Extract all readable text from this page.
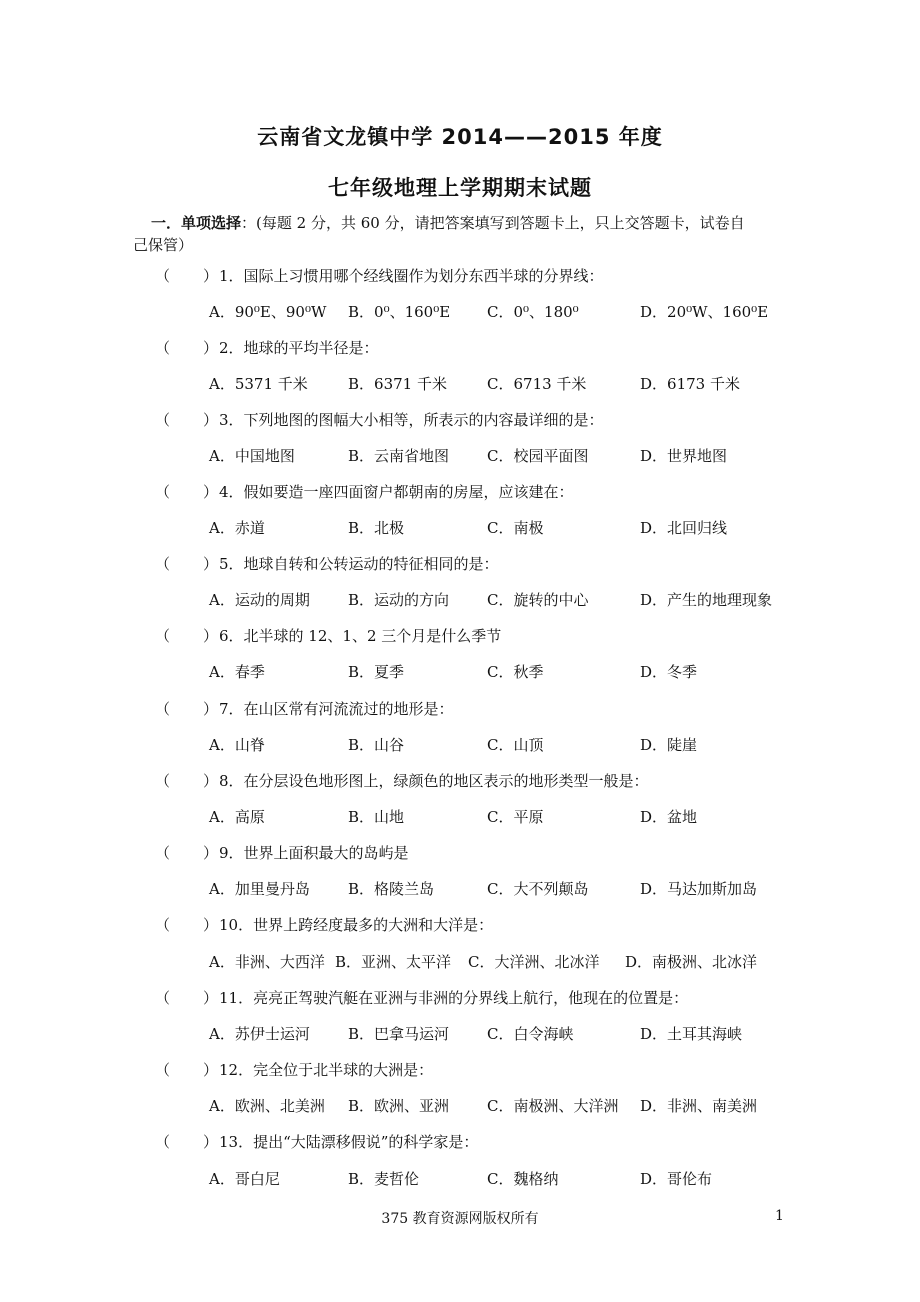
云南省文龙镇中学 2014——2015 年度
七年级地理上学期期末试题
一．单项选择：(每题 2 分，共 60 分，请把答案填写到答题卡上，只上交答题卡，试卷自
己保管）
（ ） 1．国际上习惯用哪个经线圈作为划分东西半球的分界线：
A．90⁰E、90⁰W B．0⁰、160⁰E C．0⁰、180⁰	D．20⁰W、160⁰E
（ ） 2．地球的平均半径是：
A．5371 千米	B．6371 千米	C．6713 千米	D．6173 千米
（ ） 3．下列地图的图幅大小相等，所表示的内容最详细的是：
A．中国地图	B．云南省地图	C．校园平面图	D．世界地图
（ ） 4．假如要造一座四面窗户都朝南的房屋，应该建在：
A．赤道	B．北极	C．南极	D．北回归线
（ ） 5．地球自转和公转运动的特征相同的是：
A．运动的周期	B．运动的方向	C．旋转的中心	D．产生的地理现象
（ ） 6．北半球的 12、1、2 三个月是什么季节
A．春季	B．夏季	C．秋季	D．冬季
（ ） 7．在山区常有河流流过的地形是：
A．山脊	B．山谷	C．山顶	D．陡崖
（ ） 8．在分层设色地形图上，绿颜色的地区表示的地形类型一般是：
A．高原	B．山地	C．平原	D．盆地
（ ） 9．世界上面积最大的岛屿是
A．加里曼丹岛	B．格陵兰岛	C．大不列颠岛	D．马达加斯加岛
（ ） 10．世界上跨经度最多的大洲和大洋是：
A．非洲、大西洋 B．亚洲、太平洋 C．大洋洲、北冰洋 D．南极洲、北冰洋
（ ） 11．亮亮正驾驶汽艇在亚洲与非洲的分界线上航行，他现在的位置是：
A．苏伊士运河	B．巴拿马运河	C．白令海峡	D．土耳其海峡
（ ） 12．完全位于北半球的大洲是：
A．欧洲、北美洲 B．欧洲、亚洲	C．南极洲、大洋洲 D．非洲、南美洲
（ ） 13．提出“大陆漂移假说”的科学家是：
A．哥白尼	B．麦哲伦	C．魏格纳	D．哥伦布
375 教育资源网版权所有	1
